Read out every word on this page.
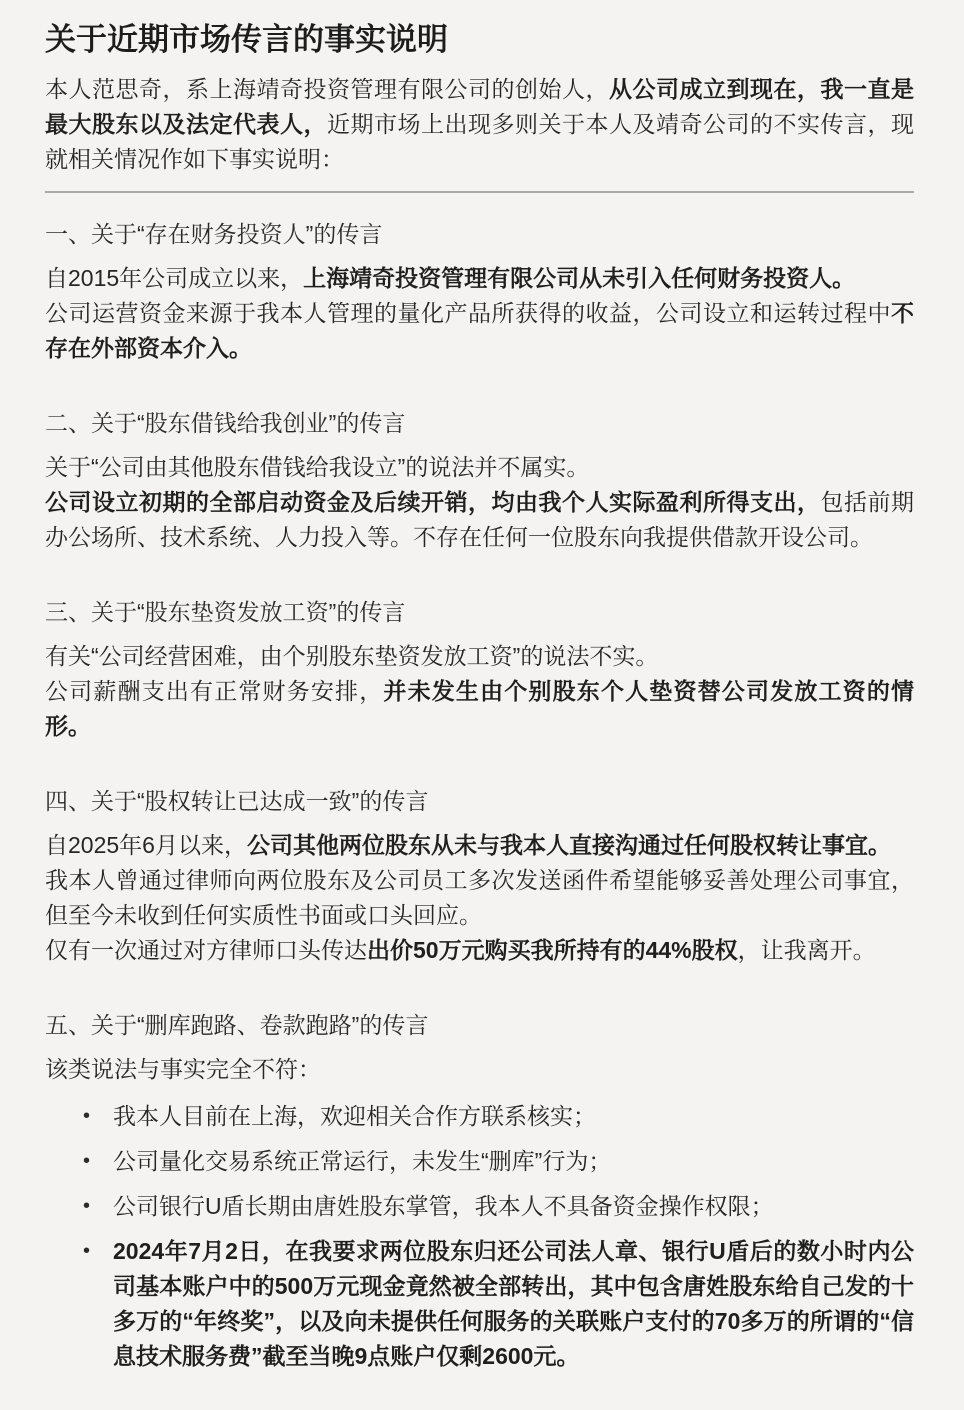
关于近期市场传言的事实说明

本人范思奇，系上海靖奇投资管理有限公司的创始人，从公司成立到现在，我一直是最大股东以及法定代表人，近期市场上出现多则关于本人及靖奇公司的不实传言，现就相关情况作如下事实说明：

一、关于“存在财务投资人”的传言

自2015年公司成立以来，上海靖奇投资管理有限公司从未引入任何财务投资人。

公司运营资金来源于我本人管理的量化产品所获得的收益，公司设立和运转过程中不存在外部资本介入。

二、关于“股东借钱给我创业”的传言

关于“公司由其他股东借钱给我设立”的说法并不属实。

公司设立初期的全部启动资金及后续开销，均由我个人实际盈利所得支出，包括前期办公场所、技术系统、人力投入等。不存在任何一位股东向我提供借款开设公司。

三、关于“股东垫资发放工资”的传言

有关“公司经营困难，由个别股东垫资发放工资”的说法不实。

公司薪酬支出有正常财务安排，并未发生由个别股东个人垫资替公司发放工资的情形。

四、关于“股权转让已达成一致”的传言

自2025年6月以来，公司其他两位股东从未与我本人直接沟通过任何股权转让事宜。

我本人曾通过律师向两位股东及公司员工多次发送函件希望能够妥善处理公司事宜，但至今未收到任何实质性书面或口头回应。

仅有一次通过对方律师口头传达出价50万元购买我所持有的44%股权，让我离开。

五、关于“删库跑路、卷款跑路”的传言

该类说法与事实完全不符：

• 我本人目前在上海，欢迎相关合作方联系核实；
• 公司量化交易系统正常运行，未发生“删库”行为；
• 公司银行U盾长期由唐姓股东掌管，我本人不具备资金操作权限；
• 2024年7月2日，在我要求两位股东归还公司法人章、银行U盾后的数小时内公司基本账户中的500万元现金竟然被全部转出，其中包含唐姓股东给自己发的十多万的“年终奖”，以及向未提供任何服务的关联账户支付的70多万的所谓的“信息技术服务费”截至当晚9点账户仅剩2600元。
